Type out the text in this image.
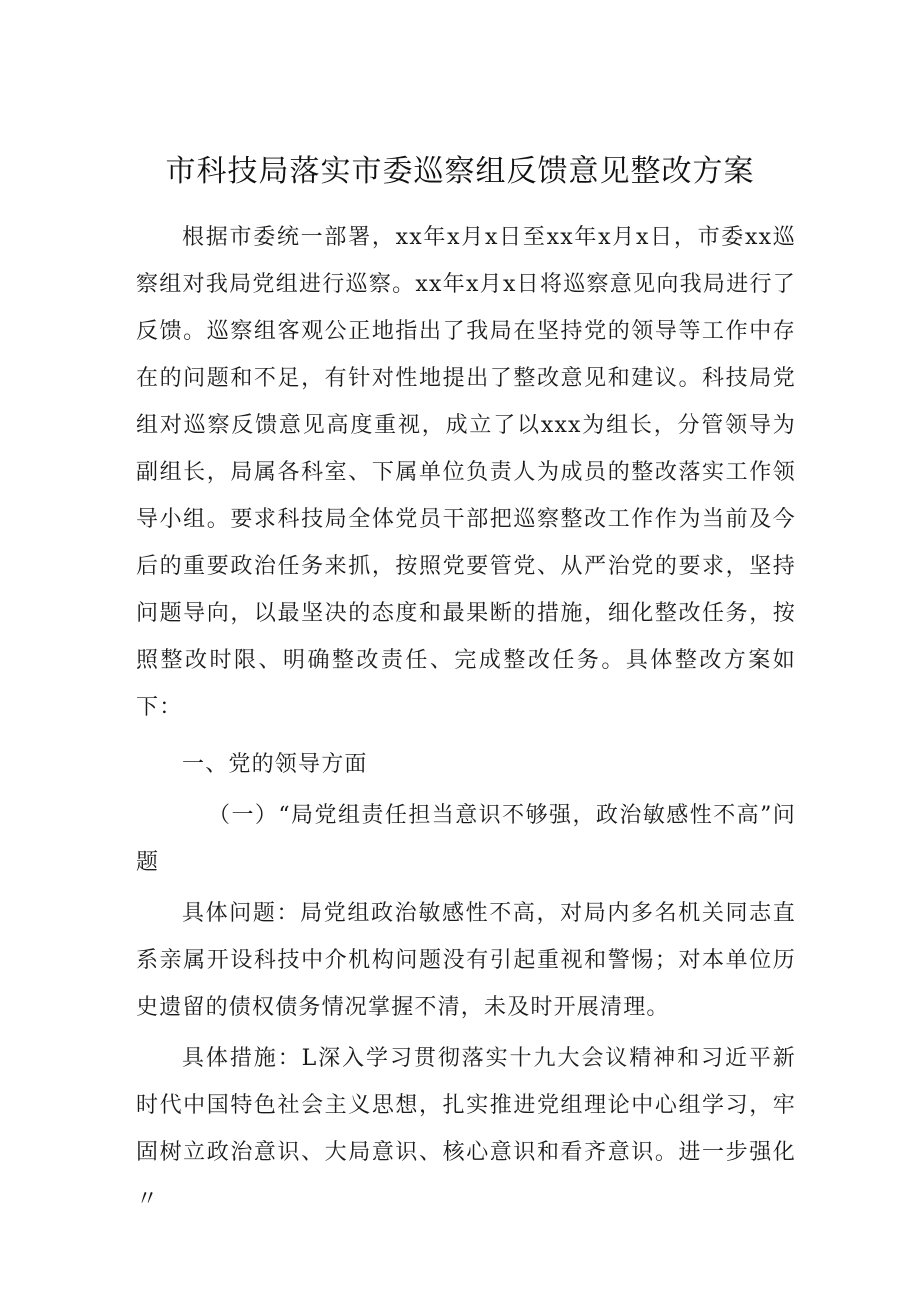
市科技局落实市委巡察组反馈意见整改方案

根据市委统一部署，xx年x月x日至xx年x月x日，市委xx巡察组对我局党组进行巡察。xx年x月x日将巡察意见向我局进行了反馈。巡察组客观公正地指出了我局在坚持党的领导等工作中存在的问题和不足，有针对性地提出了整改意见和建议。科技局党组对巡察反馈意见高度重视，成立了以xxx为组长，分管领导为副组长，局属各科室、下属单位负责人为成员的整改落实工作领导小组。要求科技局全体党员干部把巡察整改工作作为当前及今后的重要政治任务来抓，按照党要管党、从严治党的要求，坚持问题导向，以最坚决的态度和最果断的措施，细化整改任务，按照整改时限、明确整改责任、完成整改任务。具体整改方案如下：

一、党的领导方面

（一）“局党组责任担当意识不够强，政治敏感性不高”问题

具体问题：局党组政治敏感性不高，对局内多名机关同志直系亲属开设科技中介机构问题没有引起重视和警惕；对本单位历史遗留的债权债务情况掌握不清，未及时开展清理。

具体措施：L深入学习贯彻落实十九大会议精神和习近平新时代中国特色社会主义思想，扎实推进党组理论中心组学习，牢固树立政治意识、大局意识、核心意识和看齐意识。进一步强化〃
